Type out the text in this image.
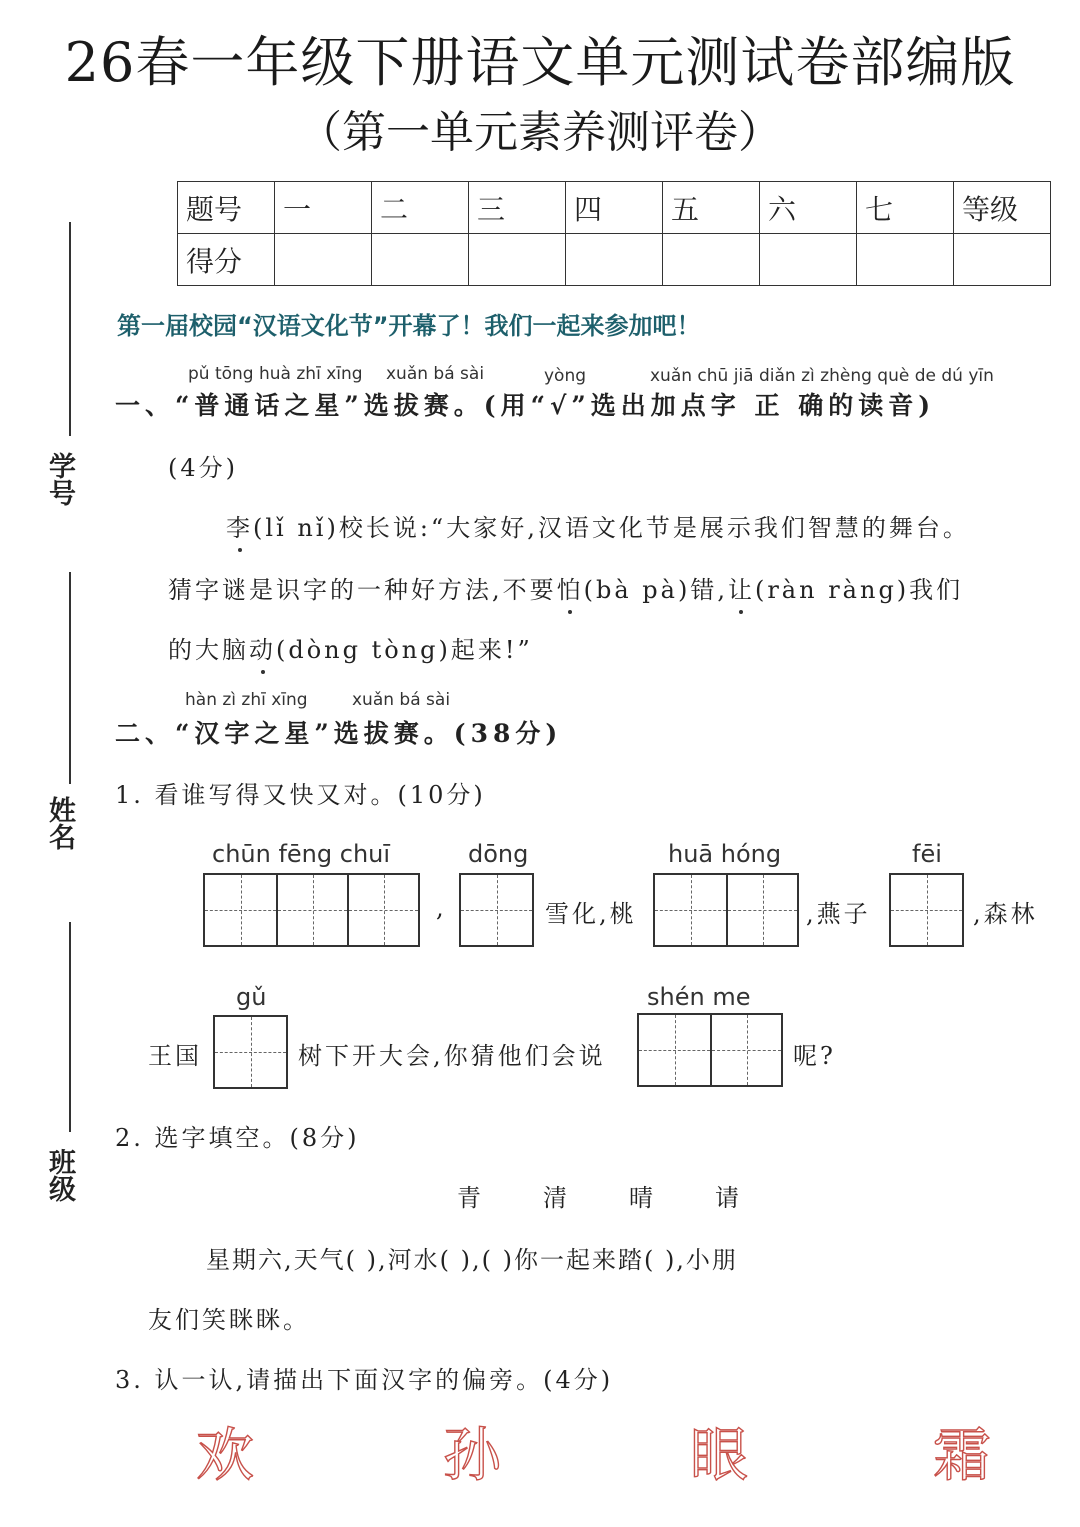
26春一年级下册语文单元测试卷部编版
（第一单元素养测评卷）
题号	一	二	三	四	五	六	七	等级
得分								
学号
姓名
班级
第一届校园“汉语文化节”开幕了！我们一起来参加吧！
pǔ tōng huà zhī xīng xuǎn bá sài	yòng	xuǎn chū jiā diǎn zì zhèng què de dú yīn
一、“普通话之星”选拔赛。(用“√”选出加点字 正 确的读音)
(4分)
李(lǐ nǐ)校长说:“大家好,汉语文化节是展示我们智慧的舞台。
猜字谜是识字的一种好方法,不要怕(bà pà)错,让(ràn ràng)我们
的大脑动(dòng tòng)起来!”
hàn zì zhī xīng	xuǎn bá sài
二、“汉字之星”选拔赛。(38分)
1. 看谁写得又快又对。(10分)
chūn fēng chuī
,
dōng
雪化,桃
huā hóng
,燕子
fēi
,森林
王国
gǔ
树下开大会,你猜他们会说
shén me
呢?
2. 选字填空。(8分)
青 清 晴 请
星期六,天气( ),河水( ),( )你一起来踏( ),小朋
友们笑眯眯。
3. 认一认,请描出下面汉字的偏旁。(4分)
欢	孙	眼	霜
